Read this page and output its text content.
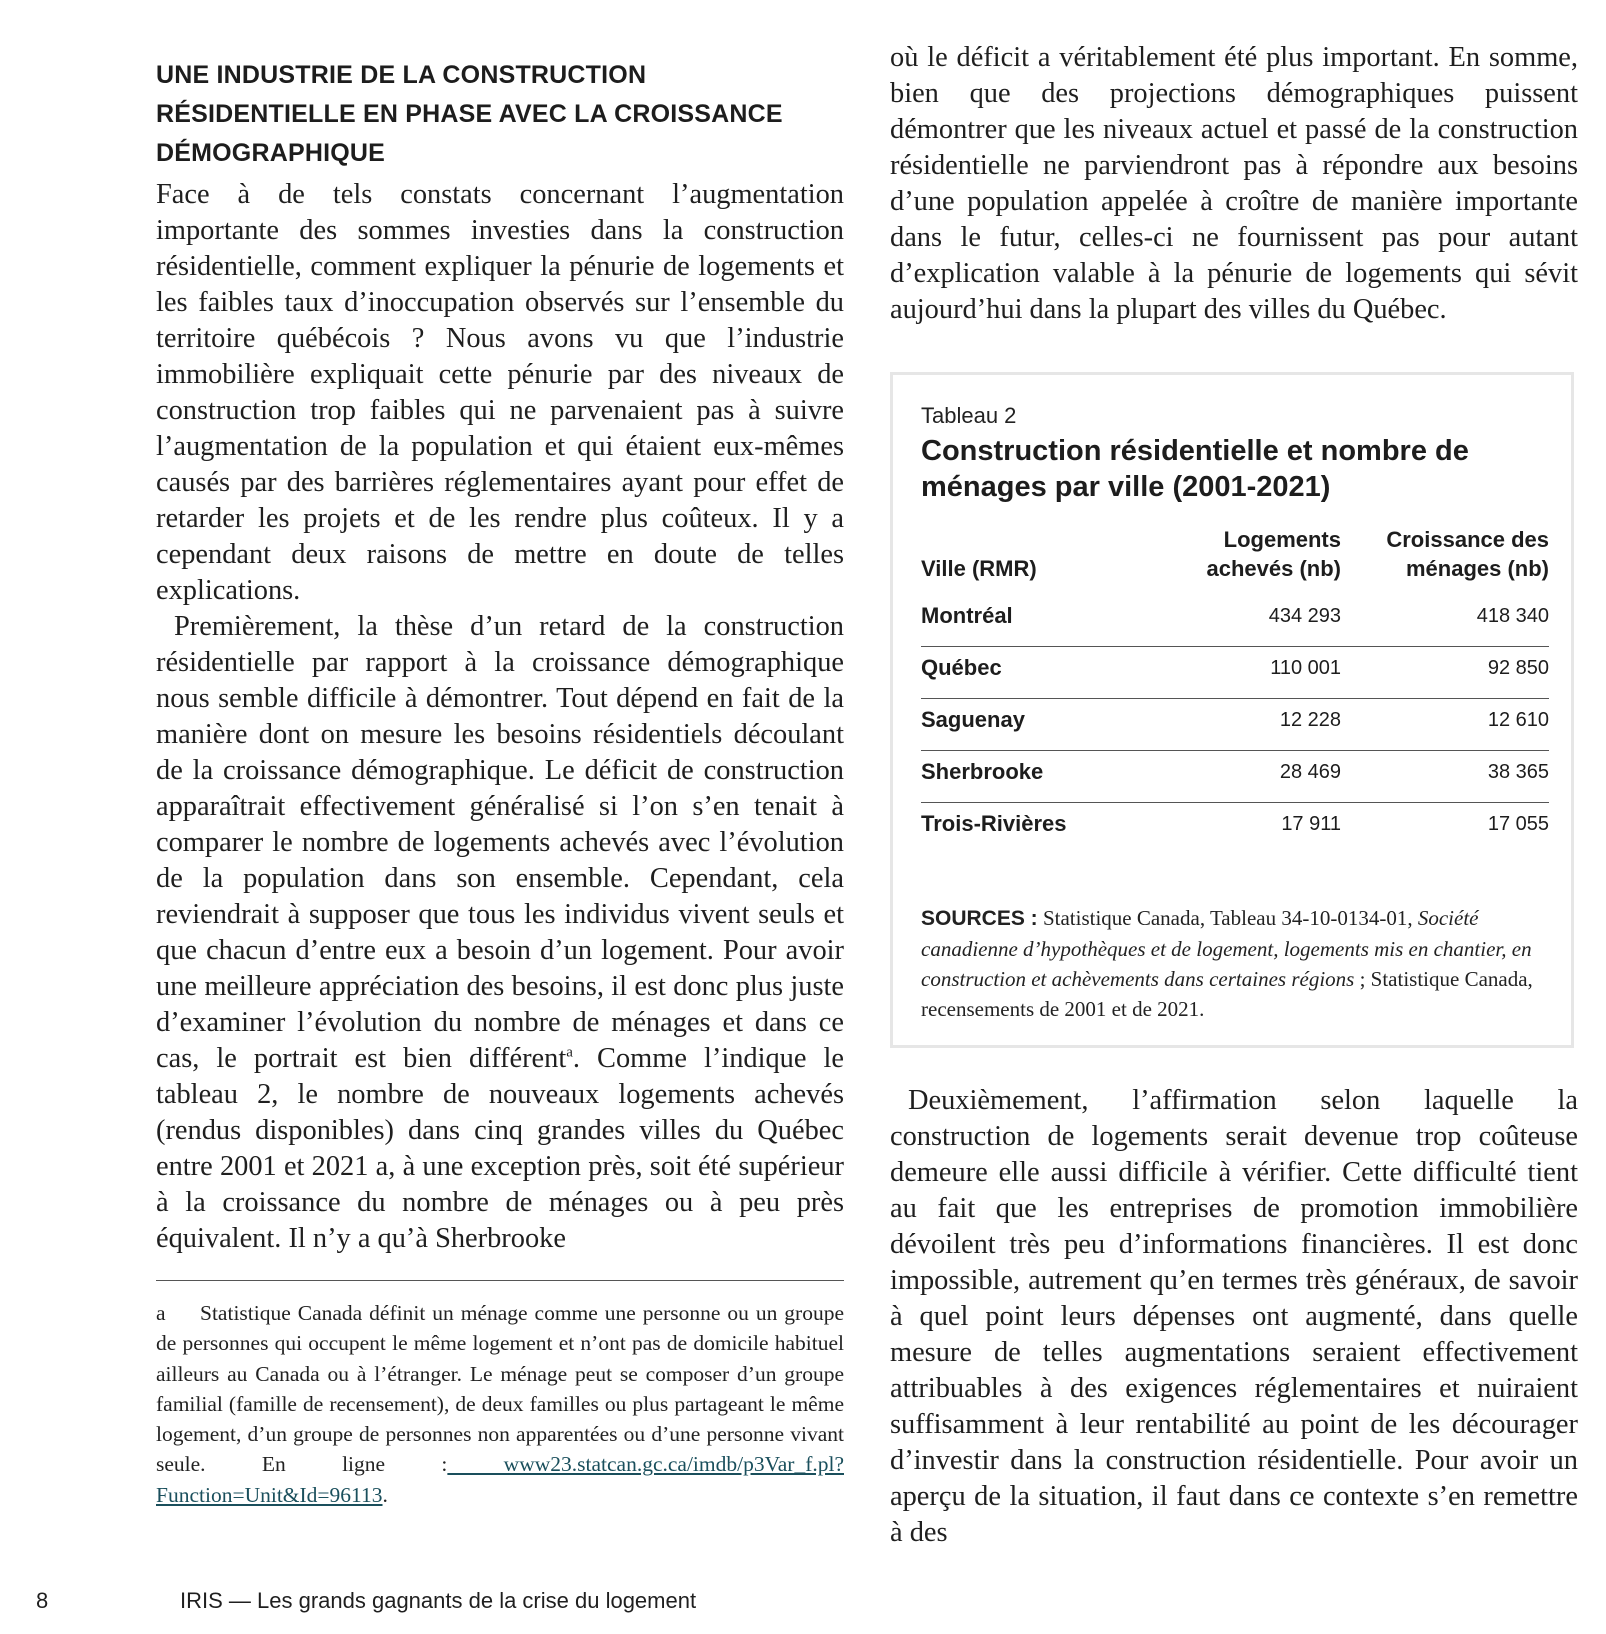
UNE INDUSTRIE DE LA CONSTRUCTION
RÉSIDENTIELLE EN PHASE AVEC LA CROISSANCE
DÉMOGRAPHIQUE

Face à de tels constats concernant l’augmentation importante des sommes investies dans la construction résidentielle, comment expliquer la pénurie de logements et les faibles taux d’inoccupation observés sur l’ensemble du territoire québécois ? Nous avons vu que l’industrie immobilière expliquait cette pénurie par des niveaux de construction trop faibles qui ne parvenaient pas à suivre l’augmentation de la population et qui étaient eux-mêmes causés par des barrières réglementaires ayant pour effet de retarder les projets et de les rendre plus coûteux. Il y a cependant deux raisons de mettre en doute de telles explications.

Premièrement, la thèse d’un retard de la construction résidentielle par rapport à la croissance démographique nous semble difficile à démontrer. Tout dépend en fait de la manière dont on mesure les besoins résidentiels découlant de la croissance démographique. Le déficit de construction apparaîtrait effectivement généralisé si l’on s’en tenait à comparer le nombre de logements achevés avec l’évolution de la population dans son ensemble. Cependant, cela reviendrait à supposer que tous les individus vivent seuls et que chacun d’entre eux a besoin d’un logement. Pour avoir une meilleure appréciation des besoins, il est donc plus juste d’examiner l’évolution du nombre de ménages et dans ce cas, le portrait est bien différent$^a$. Comme l’indique le tableau 2, le nombre de nouveaux logements achevés (rendus disponibles) dans cinq grandes villes du Québec entre 2001 et 2021 a, à une exception près, soit été supérieur à la croissance du nombre de ménages ou à peu près équivalent. Il n’y a qu’à Sherbrooke

a Statistique Canada définit un ménage comme une personne ou un groupe de personnes qui occupent le même logement et n’ont pas de domicile habituel ailleurs au Canada ou à l’étranger. Le ménage peut se composer d’un groupe familial (famille de recensement), de deux familles ou plus partageant le même logement, d’un groupe de personnes non apparentées ou d’une personne vivant seule. En ligne : www23.statcan.gc.ca/imdb/p3Var_f.pl?Function=Unit&Id=96113.

où le déficit a véritablement été plus important. En somme, bien que des projections démographiques puissent démontrer que les niveaux actuel et passé de la construction résidentielle ne parviendront pas à répondre aux besoins d’une population appelée à croître de manière importante dans le futur, celles-ci ne fournissent pas pour autant d’explication valable à la pénurie de logements qui sévit aujourd’hui dans la plupart des villes du Québec.

Tableau 2
Construction résidentielle et nombre de ménages par ville (2001-2021)
Ville (RMR)
Logements
achevés (nb)
Croissance des
ménages (nb)
Montréal	434 293	418 340
Québec	110 001	92 850
Saguenay	12 228	12 610
Sherbrooke	28 469	38 365
Trois-Rivières	17 911	17 055
SOURCES : Statistique Canada, Tableau 34-10-0134-01, Société canadienne d’hypothèques et de logement, logements mis en chantier, en construction et achèvements dans certaines régions ; Statistique Canada, recensements de 2001 et de 2021.

Deuxièmement, l’affirmation selon laquelle la construction de logements serait devenue trop coûteuse demeure elle aussi difficile à vérifier. Cette difficulté tient au fait que les entreprises de promotion immobilière dévoilent très peu d’informations financières. Il est donc impossible, autrement qu’en termes très généraux, de savoir à quel point leurs dépenses ont augmenté, dans quelle mesure de telles augmentations seraient effectivement attribuables à des exigences réglementaires et nuiraient suffisamment à leur rentabilité au point de les décourager d’investir dans la construction résidentielle. Pour avoir un aperçu de la situation, il faut dans ce contexte s’en remettre à des

8	IRIS — Les grands gagnants de la crise du logement
